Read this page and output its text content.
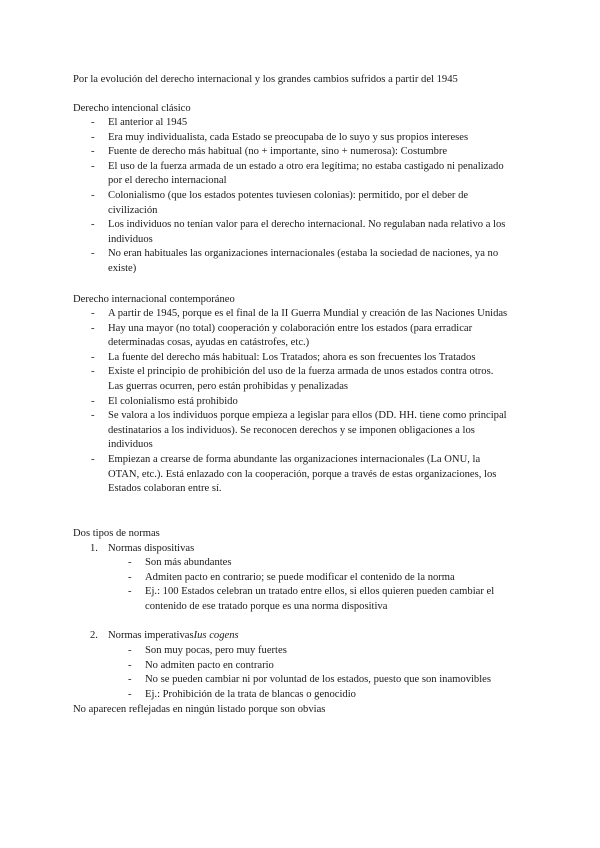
Por la evolución del derecho internacional y los grandes cambios sufridos a partir del 1945
Derecho intencional clásico
Derecho internacional contemporáneo
Dos tipos de normas
1. Normas dispositivas
2. Normas imperativasIus cogens
No aparecen reflejadas en ningún listado porque son obvias
- El anterior al 1945
- Era muy individualista, cada Estado se preocupaba de lo suyo y sus propios intereses
- Fuente de derecho más habitual (no + importante, sino + numerosa): Costumbre
- El uso de la fuerza armada de un estado a otro era legítima; no estaba castigado ni penalizado
por el derecho internacional
- Colonialismo (que los estados potentes tuviesen colonias): permitido, por el deber de
civilización
- Los individuos no tenían valor para el derecho internacional. No regulaban nada relativo a los
individuos
- No eran habituales las organizaciones internacionales (estaba la sociedad de naciones, ya no
existe)
- A partir de 1945, porque es el final de la II Guerra Mundial y creación de las Naciones Unidas
- Hay una mayor (no total) cooperación y colaboración entre los estados (para erradicar
determinadas cosas, ayudas en catástrofes, etc.)
- La fuente del derecho más habitual: Los Tratados; ahora es son frecuentes los Tratados
- Existe el principio de prohibición del uso de la fuerza armada de unos estados contra otros.
Las guerras ocurren, pero están prohibidas y penalizadas
- El colonialismo está prohibido
- Se valora a los individuos porque empieza a legislar para ellos (DD. HH. tiene como principal
destinatarios a los individuos). Se reconocen derechos y se imponen obligaciones a los
individuos
- Empiezan a crearse de forma abundante las organizaciones internacionales (La ONU, la
OTAN, etc.). Está enlazado con la cooperación, porque a través de estas organizaciones, los
Estados colaboran entre sí.
- Son más abundantes
- Admiten pacto en contrario; se puede modificar el contenido de la norma
- Ej.: 100 Estados celebran un tratado entre ellos, si ellos quieren pueden cambiar el
contenido de ese tratado porque es una norma dispositiva
- Son muy pocas, pero muy fuertes
- No admiten pacto en contrario
- No se pueden cambiar ni por voluntad de los estados, puesto que son inamovibles
- Ej.: Prohibición de la trata de blancas o genocidio
